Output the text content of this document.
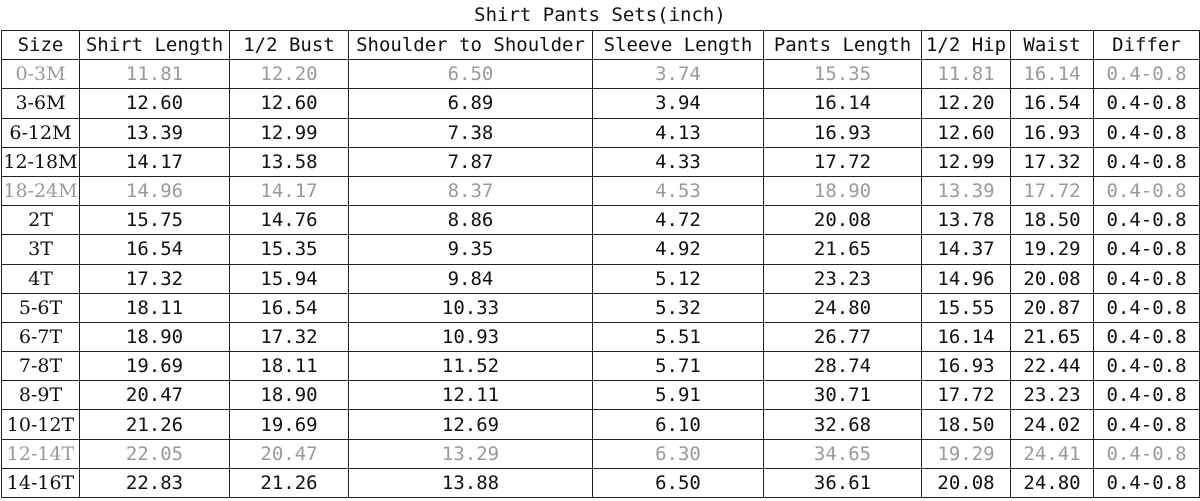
Shirt Pants Sets(inch)
Size	Shirt Length	1/2 Bust	Shoulder to Shoulder	Sleeve Length	Pants Length	1/2 Hip	Waist	Differ
0-3M	11.81	12.20	6.50	3.74	15.35	11.81	16.14	0.4-0.8
3-6M	12.60	12.60	6.89	3.94	16.14	12.20	16.54	0.4-0.8
6-12M	13.39	12.99	7.38	4.13	16.93	12.60	16.93	0.4-0.8
12-18M	14.17	13.58	7.87	4.33	17.72	12.99	17.32	0.4-0.8
18-24M	14.96	14.17	8.37	4.53	18.90	13.39	17.72	0.4-0.8
2T	15.75	14.76	8.86	4.72	20.08	13.78	18.50	0.4-0.8
3T	16.54	15.35	9.35	4.92	21.65	14.37	19.29	0.4-0.8
4T	17.32	15.94	9.84	5.12	23.23	14.96	20.08	0.4-0.8
5-6T	18.11	16.54	10.33	5.32	24.80	15.55	20.87	0.4-0.8
6-7T	18.90	17.32	10.93	5.51	26.77	16.14	21.65	0.4-0.8
7-8T	19.69	18.11	11.52	5.71	28.74	16.93	22.44	0.4-0.8
8-9T	20.47	18.90	12.11	5.91	30.71	17.72	23.23	0.4-0.8
10-12T	21.26	19.69	12.69	6.10	32.68	18.50	24.02	0.4-0.8
12-14T	22.05	20.47	13.29	6.30	34.65	19.29	24.41	0.4-0.8
14-16T	22.83	21.26	13.88	6.50	36.61	20.08	24.80	0.4-0.8
